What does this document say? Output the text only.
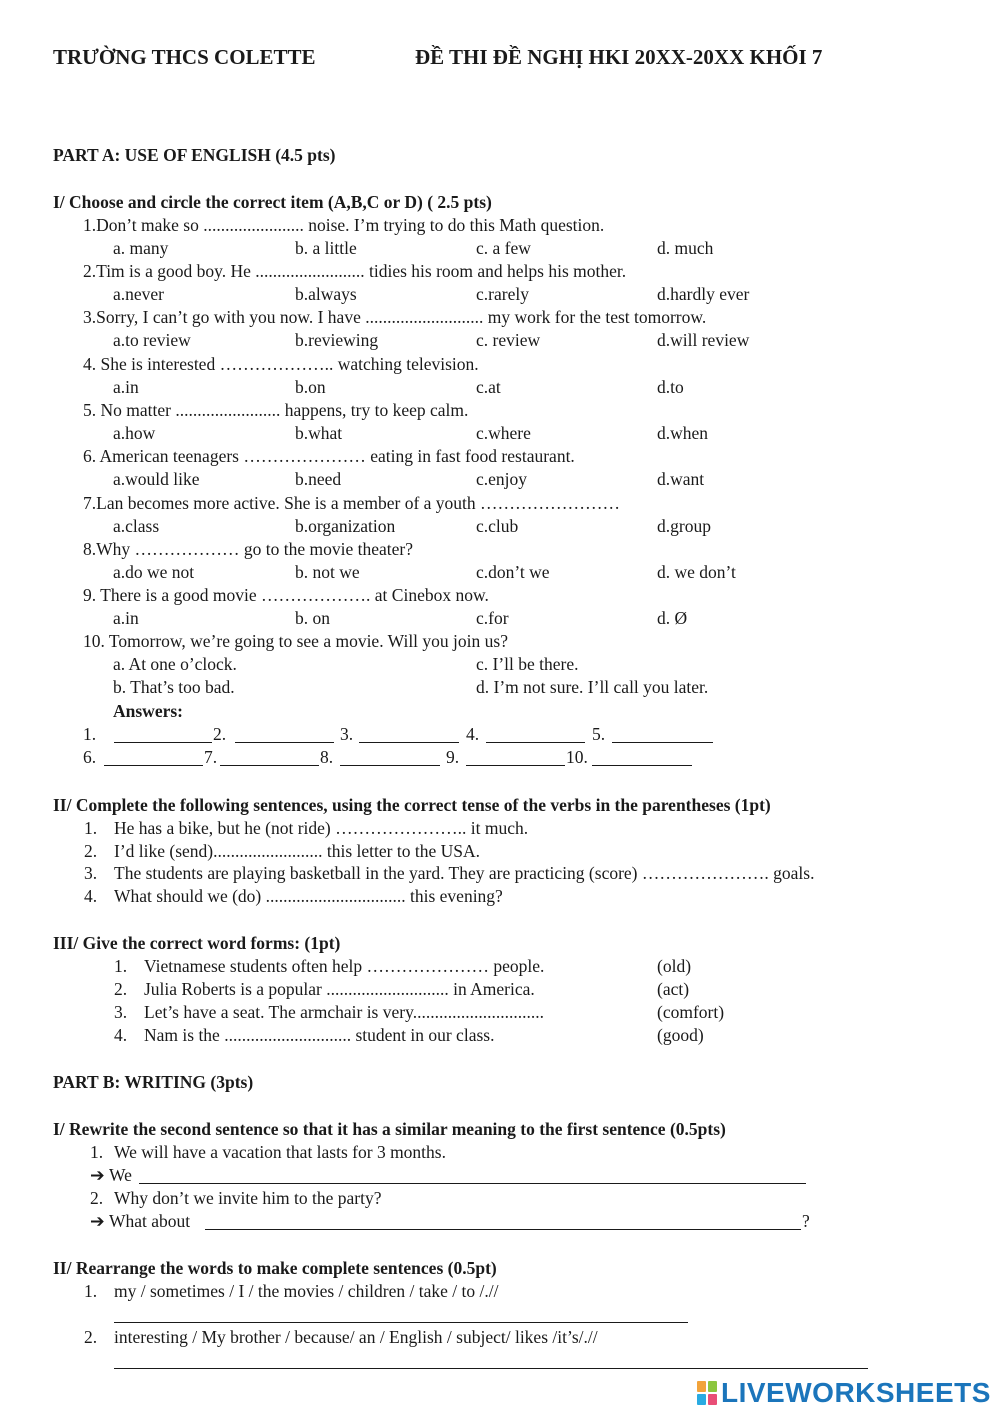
TRƯỜNG THCS COLETTE	ĐỀ THI ĐỀ NGHỊ HKI 20XX-20XX KHỐI 7
PART A: USE OF ENGLISH (4.5 pts)
I/ Choose and circle the correct item (A,B,C or D) ( 2.5 pts)
1.Don’t make so ....................... noise. I’m trying to do this Math question.
a. many	b. a little	c. a few	d. much
2.Tim is a good boy. He ......................... tidies his room and helps his mother.
a.never	b.always	c.rarely	d.hardly ever
3.Sorry, I can’t go with you now. I have ........................... my work for the test tomorrow.
a.to review	b.reviewing	c. review	d.will review
4. She is interested ……………….. watching television.
a.in	b.on	c.at	d.to
5. No matter ........................ happens, try to keep calm.
a.how	b.what	c.where	d.when
6. American teenagers ………………… eating in fast food restaurant.
a.would like	b.need	c.enjoy	d.want
7.Lan becomes more active. She is a member of a youth ……………………
a.class	b.organization	c.club	d.group
8.Why ……………… go to the movie theater?
a.do we not	b. not we	c.don’t we	d. we don’t
9. There is a good movie ………………. at Cinebox now.
a.in	b. on	c.for	d. Ø
10. Tomorrow, we’re going to see a movie. Will you join us?
a. At one o’clock.	c. I’ll be there.
b. That’s too bad.	d. I’m not sure. I’ll call you later.
Answers:
1.	2.	3.	4.	5.
6.	7.	8.	9.	10.
II/ Complete the following sentences, using the correct tense of the verbs in the parentheses (1pt)
1. He has a bike, but he (not ride) ………………….. it much.
2. I’d like (send)......................... this letter to the USA.
3. The students are playing basketball in the yard. They are practicing (score) …………………. goals.
4. What should we (do) ................................ this evening?
III/ Give the correct word forms: (1pt)
1. Vietnamese students often help ………………… people.	(old)
2. Julia Roberts is a popular ............................ in America.	(act)
3. Let’s have a seat. The armchair is very..............................	(comfort)
4. Nam is the ............................. student in our class.	(good)
PART B: WRITING (3pts)
I/ Rewrite the second sentence so that it has a similar meaning to the first sentence (0.5pts)
1. We will have a vacation that lasts for 3 months.
➔ We
2. Why don’t we invite him to the party?
➔ What about	?
II/ Rearrange the words to make complete sentences (0.5pt)
1. my / sometimes / I / the movies / children / take / to /.//
2. interesting / My brother / because/ an / English / subject/ likes /it’s/.//
LIVEWORKSHEETS
